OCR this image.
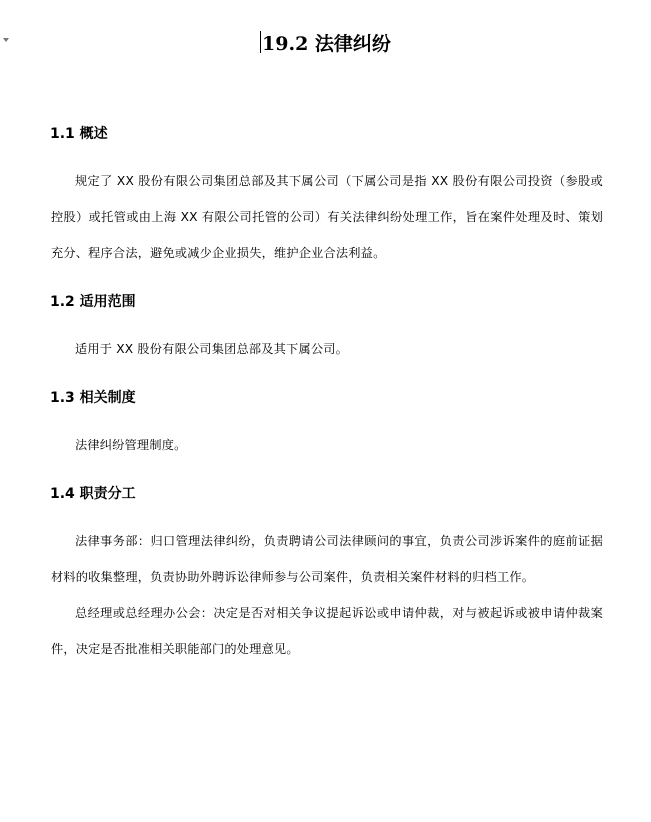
19.2 法律纠纷
1.1 概述

规定了 XX 股份有限公司集团总部及其下属公司（下属公司是指 XX 股份有限公司投资（参股或控股）或托管或由上海 XX 有限公司托管的公司）有关法律纠纷处理工作，旨在案件处理及时、策划充分、程序合法，避免或减少企业损失，维护企业合法利益。

1.2 适用范围

适用于 XX 股份有限公司集团总部及其下属公司。

1.3 相关制度

法律纠纷管理制度。

1.4 职责分工

法律事务部：归口管理法律纠纷，负责聘请公司法律顾问的事宜，负责公司涉诉案件的庭前证据材料的收集整理，负责协助外聘诉讼律师参与公司案件，负责相关案件材料的归档工作。

总经理或总经理办公会：决定是否对相关争议提起诉讼或申请仲裁，对与被起诉或被申请仲裁案件，决定是否批准相关职能部门的处理意见。
